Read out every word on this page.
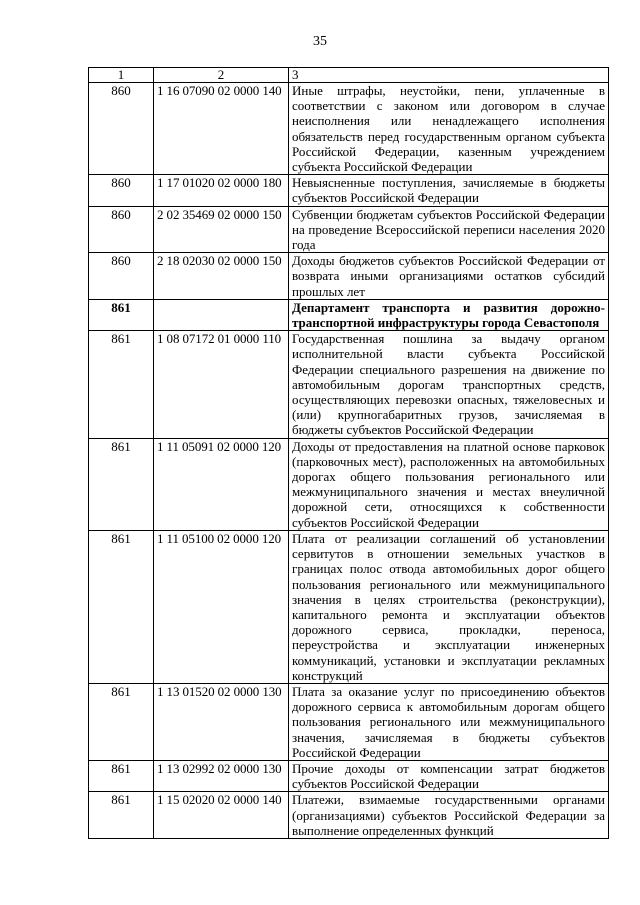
35
1	2	3
860	1 16 07090 02 0000 140	Иные штрафы, неустойки, пени, уплаченные в соответствии с законом или договором в случае неисполнения или ненадлежащего исполнения обязательств перед государственным органом субъекта Российской Федерации, казенным учреждением субъекта Российской Федерации
860	1 17 01020 02 0000 180	Невыясненные поступления, зачисляемые в бюджеты субъектов Российской Федерации
860	2 02 35469 02 0000 150	Субвенции бюджетам субъектов Российской Федерации на проведение Всероссийской переписи населения 2020 года
860	2 18 02030 02 0000 150	Доходы бюджетов субъектов Российской Федерации от возврата иными организациями остатков субсидий прошлых лет
861		Департамент транспорта и развития дорожно-транспортной инфраструктуры города Севастополя
861	1 08 07172 01 0000 110	Государственная пошлина за выдачу органом исполнительной власти субъекта Российской Федерации специального разрешения на движение по автомобильным дорогам транспортных средств, осуществляющих перевозки опасных, тяжеловесных и (или) крупногабаритных грузов, зачисляемая в бюджеты субъектов Российской Федерации
861	1 11 05091 02 0000 120	Доходы от предоставления на платной основе парковок (парковочных мест), расположенных на автомобильных дорогах общего пользования регионального или межмуниципального значения и местах внеуличной дорожной сети, относящихся к собственности субъектов Российской Федерации
861	1 11 05100 02 0000 120	Плата от реализации соглашений об установлении сервитутов в отношении земельных участков в границах полос отвода автомобильных дорог общего пользования регионального или межмуниципального значения в целях строительства (реконструкции), капитального ремонта и эксплуатации объектов дорожного сервиса, прокладки, переноса, переустройства и эксплуатации инженерных коммуникаций, установки и эксплуатации рекламных конструкций
861	1 13 01520 02 0000 130	Плата за оказание услуг по присоединению объектов дорожного сервиса к автомобильным дорогам общего пользования регионального или межмуниципального значения, зачисляемая в бюджеты субъектов Российской Федерации
861	1 13 02992 02 0000 130	Прочие доходы от компенсации затрат бюджетов субъектов Российской Федерации
861	1 15 02020 02 0000 140	Платежи, взимаемые государственными органами (организациями) субъектов Российской Федерации за выполнение определенных функций
